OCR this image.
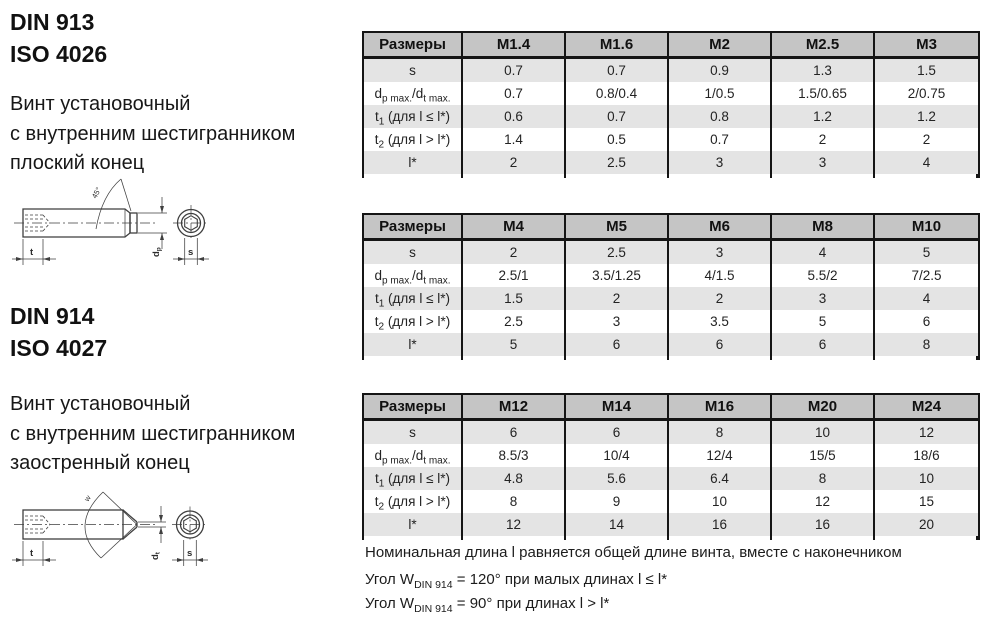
DIN 913
ISO 4026
Винт установочный
с внутренним шестигранником
плоский конец
45°
t	dp	s
DIN 914
ISO 4027
Винт установочный
с внутренним шестигранником
заостренный конец
w
t	dt	s
Размеры	M1.4	M1.6	M2	M2.5	M3
s	0.7	0.7	0.9	1.3	1.5
$d_{p max.}/d_{t max.}$	0.7	0.8/0.4	1/0.5	1.5/0.65	2/0.75
$t_1$ (для l ≤ l*)	0.6	0.7	0.8	1.2	1.2
$t_2$ (для l > l*)	1.4	0.5	0.7	2	2
l*	2	2.5	3	3	4
Размеры	M4	M5	M6	M8	M10
s	2	2.5	3	4	5
$d_{p max.}/d_{t max.}$	2.5/1	3.5/1.25	4/1.5	5.5/2	7/2.5
$t_1$ (для l ≤ l*)	1.5	2	2	3	4
$t_2$ (для l > l*)	2.5	3	3.5	5	6
l*	5	6	6	6	8
Размеры	M12	M14	M16	M20	M24
s	6	6	8	10	12
$d_{p max.}/d_{t max.}$	8.5/3	10/4	12/4	15/5	18/6
$t_1$ (для l ≤ l*)	4.8	5.6	6.4	8	10
$t_2$ (для l > l*)	8	9	10	12	15
l*	12	14	16	16	20
Номинальная длина l равняется общей длине винта, вместе с наконечником
Угол $W_{DIN 914} = 120^\circ$ при малых длинах l ≤ l*
Угол $W_{DIN 914} = 90^\circ$ при длинах l > l*
